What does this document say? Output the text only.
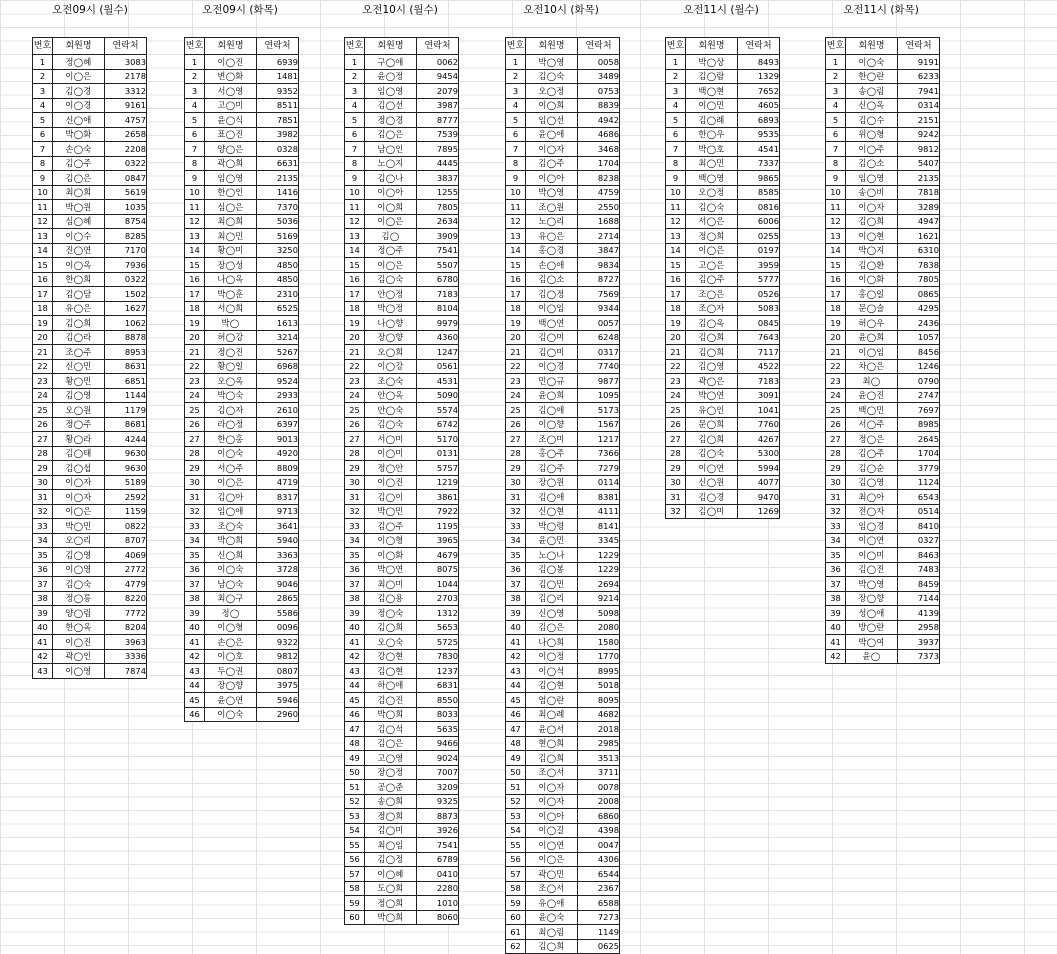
오전09시 (월수)
번호	회원명	연락처
1	정◯혜	3083
2	이◯은	2178
3	김◯경	3312
4	이◯경	9161
5	신◯애	4757
6	박◯화	2658
7	손◯숙	2208
8	김◯주	0322
9	김◯은	0847
10	최◯희	5619
11	박◯원	1035
12	심◯혜	8754
13	이◯수	8285
14	진◯연	7170
15	이◯옥	7936
16	한◯희	0322
17	김◯담	1502
18	유◯은	1627
19	김◯희	1062
20	김◯라	8878
21	조◯주	8953
22	신◯민	8631
23	황◯민	6851
24	김◯영	1144
25	오◯원	1179
26	정◯주	8681
27	황◯라	4244
28	김◯태	9630
29	김◯섭	9630
30	이◯자	5189
31	이◯자	2592
32	이◯은	1159
33	박◯민	0822
34	오◯리	8707
35	김◯영	4069
36	이◯영	2772
37	김◯숙	4779
38	정◯릉	8220
39	양◯림	7772
40	한◯옥	8204
41	이◯진	3963
42	곽◯인	3336
43	이◯영	7874
오전09시 (화목)
번호	회원명	연락처
1	이◯진	6939
2	변◯화	1481
3	서◯영	9352
4	고◯미	8511
5	윤◯식	7851
6	표◯진	3982
7	양◯은	0328
8	곽◯희	6631
9	임◯영	2135
10	한◯인	1416
11	심◯은	7370
12	최◯희	5036
13	최◯민	5169
14	황◯미	3250
15	장◯성	4850
16	나◯옥	4850
17	박◯훈	2310
18	서◯희	6525
19	박◯	1613
20	허◯강	3214
21	정◯진	5267
22	황◯일	6968
23	오◯옥	9524
24	박◯숙	2933
25	김◯자	2610
26	라◯정	6397
27	한◯홍	9013
28	이◯숙	4920
29	서◯주	8809
30	이◯은	4719
31	김◯아	8317
32	임◯애	9713
33	조◯숙	3641
34	박◯희	5940
35	신◯희	3363
36	이◯숙	3728
37	남◯숙	9046
38	최◯구	2865
39	정◯	5586
40	이◯형	0096
41	손◯은	9322
42	이◯호	9812
43	두◯권	0807
44	장◯향	3975
45	윤◯연	5946
46	이◯숙	2960
오전10시 (월수)
번호	회원명	연락처
1	구◯애	0062
2	윤◯정	9454
3	임◯영	2079
4	김◯선	3987
5	정◯경	8777
6	김◯은	7539
7	남◯인	7895
8	노◯지	4445
9	김◯나	3837
10	이◯아	1255
11	이◯희	7805
12	이◯은	2634
13	김◯	3909
14	정◯주	7541
15	이◯은	5507
16	김◯숙	6780
17	안◯정	7183
18	박◯정	8104
19	나◯향	9979
20	장◯향	4360
21	오◯희	1247
22	이◯강	0561
23	조◯숙	4531
24	안◯옥	5090
25	안◯숙	5574
26	김◯숙	6742
27	서◯미	5170
28	이◯미	0131
29	정◯안	5757
30	이◯진	1219
31	김◯이	3861
32	박◯민	7922
33	김◯주	1195
34	이◯형	3965
35	이◯화	4679
36	박◯연	8075
37	최◯미	1044
38	김◯용	2703
39	정◯숙	1312
40	김◯희	5653
41	오◯숙	5725
42	강◯현	7830
43	김◯현	1237
44	하◯애	6831
45	김◯진	8550
46	박◯희	8033
47	김◯석	5635
48	김◯은	9466
49	고◯영	9024
50	장◯정	7007
51	공◯준	3209
52	송◯희	9325
53	정◯희	8873
54	김◯미	3926
55	최◯임	7541
56	김◯정	6789
57	이◯혜	0410
58	도◯희	2280
59	정◯희	1010
60	박◯희	8060
오전10시 (화목)
번호	회원명	연락처
1	박◯영	0058
2	김◯숙	3489
3	오◯정	0753
4	이◯희	8839
5	임◯선	4942
6	윤◯애	4686
7	이◯자	3468
8	김◯주	1704
9	이◯아	8238
10	박◯영	4759
11	조◯원	2550
12	노◯리	1688
13	유◯은	2714
14	홍◯경	3847
15	손◯애	9834
16	김◯소	8727
17	김◯정	7569
18	이◯임	9344
19	백◯연	0057
20	김◯미	6248
21	김◯미	0317
22	이◯경	7740
23	민◯규	9877
24	윤◯희	1095
25	김◯애	5173
26	이◯향	1567
27	조◯미	1217
28	홍◯주	7366
29	김◯주	7279
30	장◯원	0114
31	김◯애	8381
32	신◯현	4111
33	박◯령	8141
34	윤◯민	3345
35	노◯나	1229
36	김◯봉	1229
37	김◯민	2694
38	김◯리	9214
39	신◯영	5098
40	김◯은	2080
41	나◯희	1580
42	이◯정	1770
43	이◯석	8995
44	김◯현	5018
45	엄◯란	8095
46	최◯례	4682
47	윤◯서	2018
48	현◯희	2985
49	김◯희	3513
50	조◯서	3711
51	이◯자	0078
52	이◯자	2008
53	이◯아	6860
54	이◯길	4398
55	이◯연	0047
56	이◯은	4306
57	곽◯민	6544
58	조◯서	2367
59	유◯애	6588
60	윤◯숙	7273
61	최◯림	1149
62	김◯희	0625
오전11시 (월수)
번호	회원명	연락처
1	박◯상	8493
2	김◯람	1329
3	백◯현	7652
4	이◯민	4605
5	김◯례	6893
6	한◯우	9535
7	박◯호	4541
8	최◯민	7337
9	백◯영	9865
10	오◯정	8585
11	김◯숙	0816
12	서◯은	6006
13	정◯희	0255
14	이◯은	0197
15	고◯은	3959
16	김◯주	5777
17	조◯은	0526
18	조◯자	5083
19	김◯옥	0845
20	김◯희	7643
21	김◯희	7117
22	김◯영	4522
23	곽◯은	7183
24	박◯연	3091
25	유◯인	1041
26	문◯희	7760
27	김◯희	4267
28	김◯숙	5300
29	이◯연	5994
30	신◯원	4077
31	김◯경	9470
32	김◯미	1269
오전11시 (화목)
번호	회원명	연락처
1	이◯숙	9191
2	한◯란	6233
3	송◯림	7941
4	신◯옥	0314
5	김◯수	2151
6	위◯형	9242
7	이◯주	9812
8	김◯소	5407
9	임◯영	2135
10	송◯비	7818
11	이◯자	3289
12	김◯희	4947
13	이◯현	1621
14	박◯지	6310
15	김◯환	7838
16	이◯화	7805
17	홍◯일	0865
18	문◯슬	4295
19	허◯우	2436
20	윤◯희	1057
21	이◯임	8456
22	차◯은	1246
23	최◯	0790
24	윤◯진	2747
25	백◯민	7697
26	서◯주	8985
27	정◯은	2645
28	김◯주	1704
29	김◯순	3779
30	김◯영	1124
31	최◯아	6543
32	전◯자	0514
33	임◯경	8410
34	이◯연	0327
35	이◯미	8463
36	김◯진	7483
37	박◯영	8459
38	장◯향	7144
39	성◯애	4139
40	방◯란	2958
41	박◯여	3937
42	윤◯	7373
